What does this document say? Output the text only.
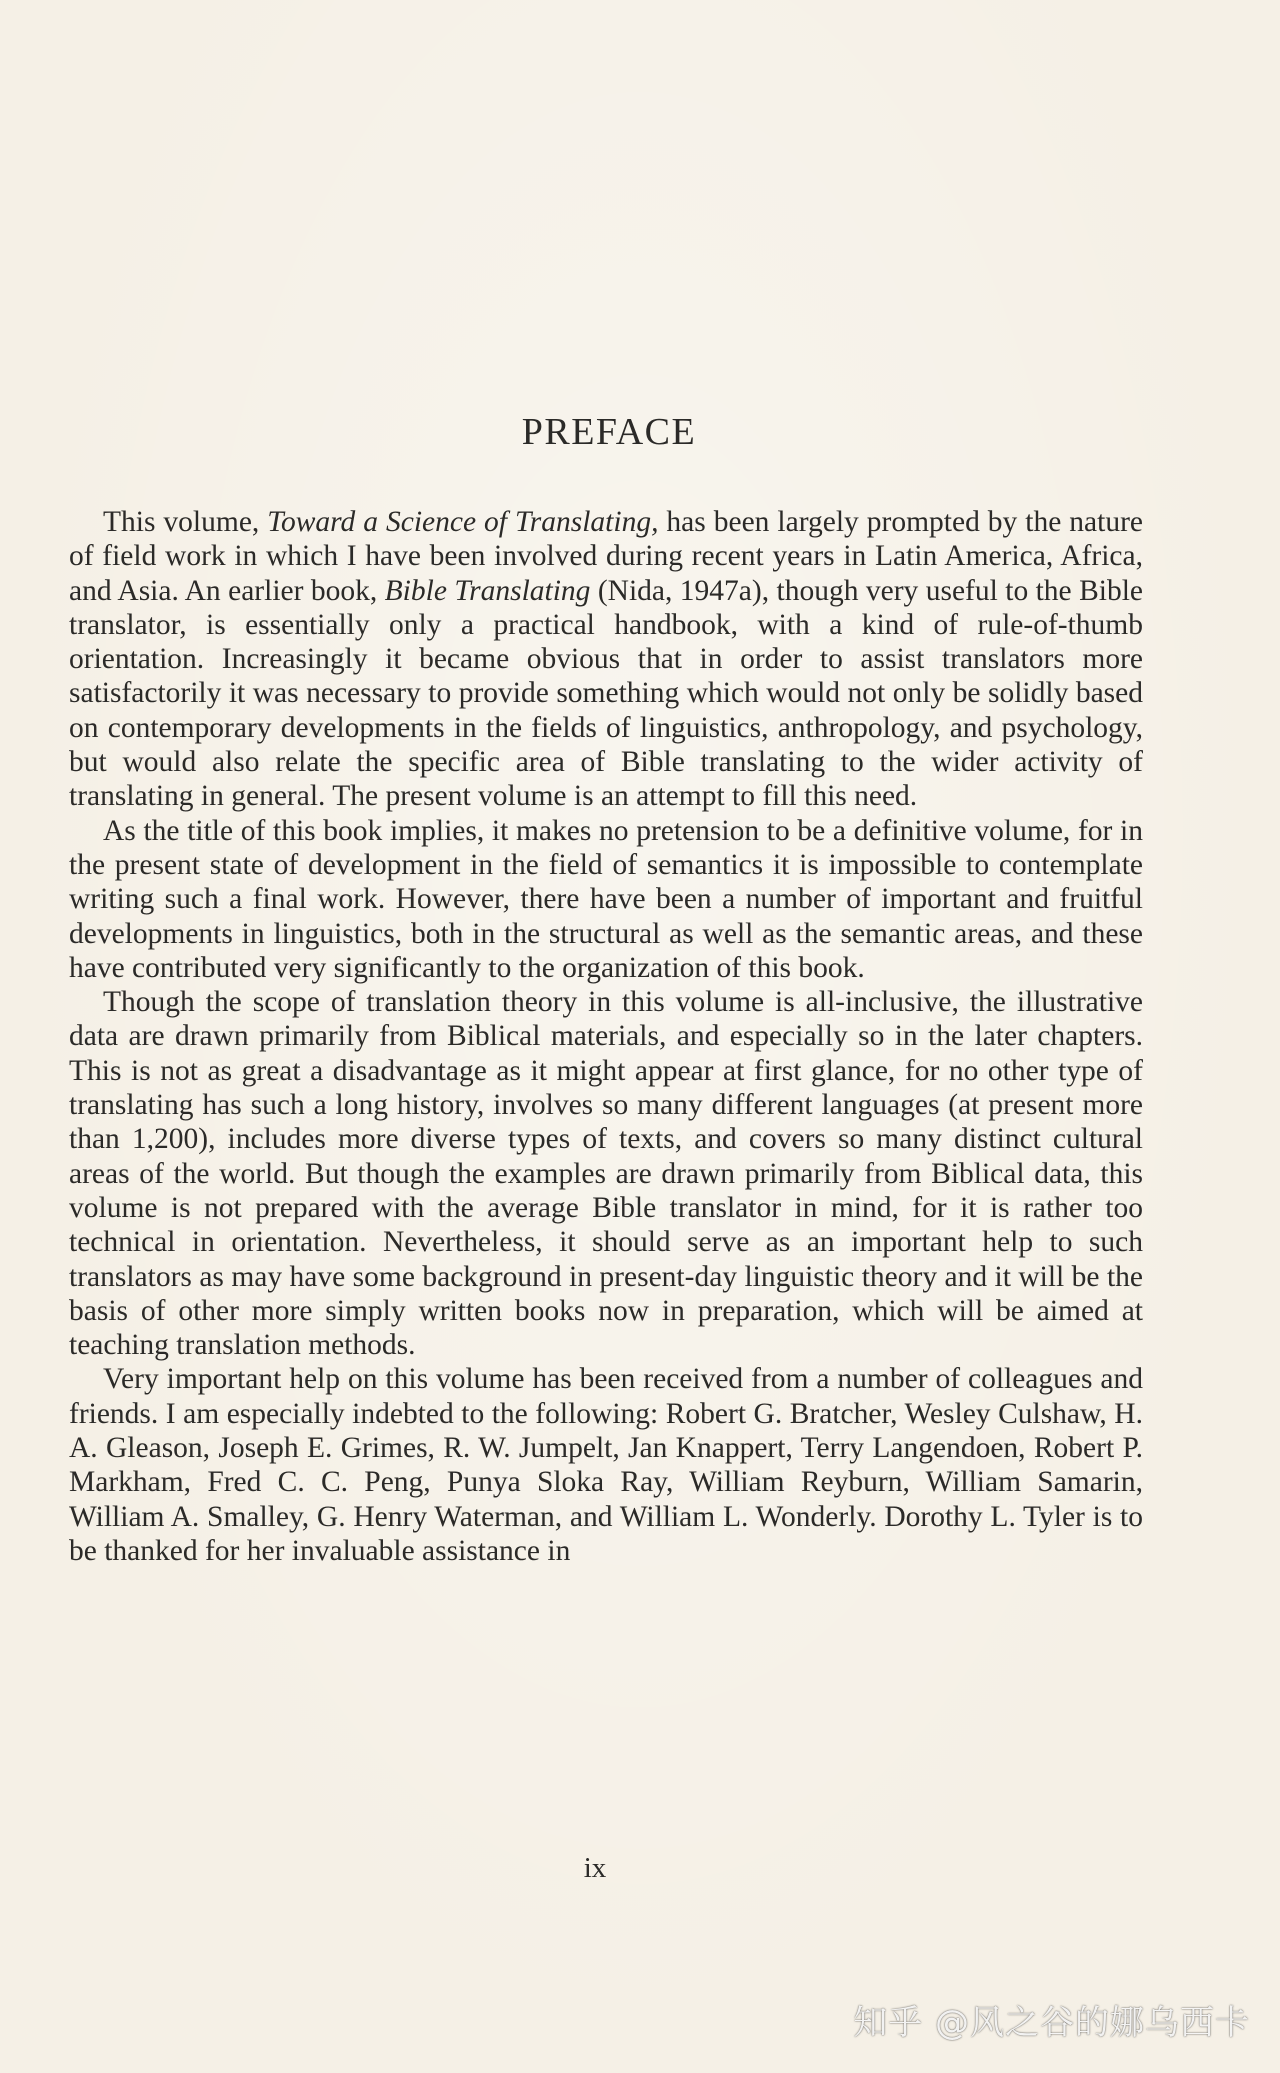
PREFACE

This volume, Toward a Science of Translating, has been largely prompted by the nature of field work in which I have been involved during recent years in Latin America, Africa, and Asia. An earlier book, Bible Translating (Nida, 1947a), though very useful to the Bible translator, is essentially only a practical handbook, with a kind of rule-of-thumb orientation. Increasingly it became obvious that in order to assist translators more satisfactorily it was necessary to provide something which would not only be solidly based on contemporary developments in the fields of linguistics, anthropology, and psychology, but would also relate the specific area of Bible translating to the wider activity of translating in general. The present volume is an attempt to fill this need.

As the title of this book implies, it makes no pretension to be a definitive volume, for in the present state of development in the field of semantics it is impossible to contemplate writing such a final work. However, there have been a number of important and fruitful developments in linguistics, both in the structural as well as the semantic areas, and these have contributed very significantly to the organization of this book.

Though the scope of translation theory in this volume is all-inclusive, the illustrative data are drawn primarily from Biblical materials, and especially so in the later chapters. This is not as great a disadvantage as it might appear at first glance, for no other type of translating has such a long history, involves so many different languages (at present more than 1,200), includes more diverse types of texts, and covers so many distinct cultural areas of the world. But though the examples are drawn primarily from Biblical data, this volume is not prepared with the average Bible translator in mind, for it is rather too technical in orientation. Nevertheless, it should serve as an important help to such translators as may have some background in present-day linguistic theory and it will be the basis of other more simply written books now in preparation, which will be aimed at teaching translation methods.

Very important help on this volume has been received from a number of colleagues and friends. I am especially indebted to the following: Robert G. Bratcher, Wesley Culshaw, H. A. Gleason, Joseph E. Grimes, R. W. Jumpelt, Jan Knappert, Terry Langendoen, Robert P. Markham, Fred C. C. Peng, Punya Sloka Ray, William Reyburn, William Samarin, William A. Smalley, G. Henry Waterman, and William L. Wonderly. Dorothy L. Tyler is to be thanked for her invaluable assistance in

ix
知乎 @风之谷的娜乌西卡
